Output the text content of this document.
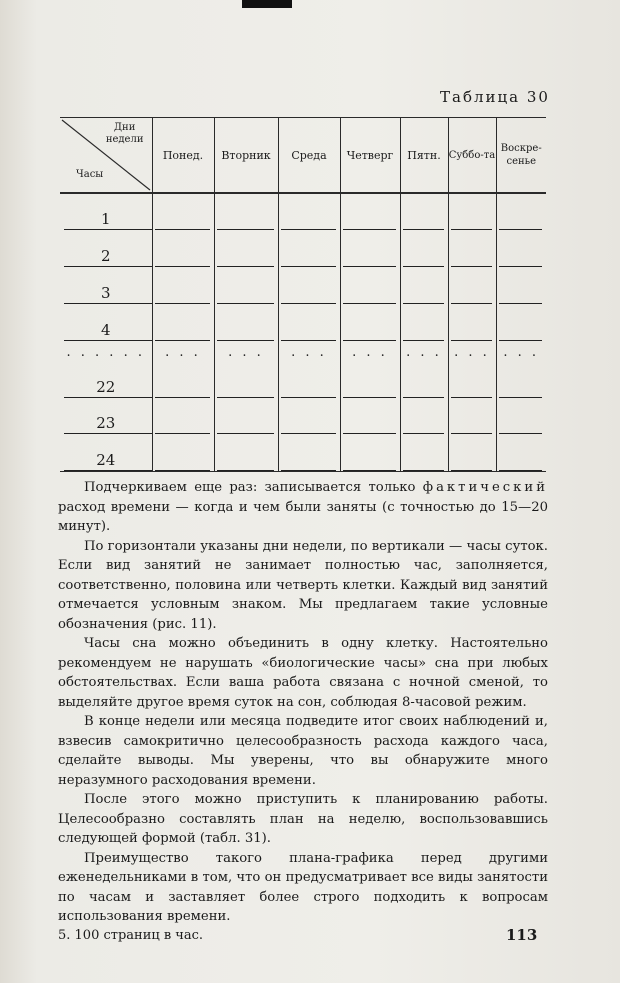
Таблица 30
Дни
недели
Часы	Понед.	Вторник	Среда	Четверг	Пятн.	Суббо-та	Воскре-сенье

1							

2							

3							

4							

. . . . . .	. . .	. . .	. . .	. . .	. . .	. . .	. . .

22							

23							

24							

Подчеркиваем еще раз: записывается только фактический расход времени — когда и чем были заняты (с точностью до 15—20 минут).

По горизонтали указаны дни недели, по вертикали — часы суток. Если вид занятий не занимает полностью час, заполняется, соответственно, половина или четверть клетки. Каждый вид занятий отмечается условным знаком. Мы предлагаем такие условные обозначения (рис. 11).

Часы сна можно объединить в одну клетку. Настоятельно рекомендуем не нарушать «биологические часы» сна при любых обстоятельствах. Если ваша работа связана с ночной сменой, то выделяйте другое время суток на сон, соблюдая 8-часовой режим.

В конце недели или месяца подведите итог своих наблюдений и, взвесив самокритично целесообразность расхода каждого часа, сделайте выводы. Мы уверены, что вы обнаружите много неразумного расходования времени.

После этого можно приступить к планированию работы. Целесообразно составлять план на неделю, воспользовавшись следующей формой (табл. 31).

Преимущество такого плана-графика перед другими еженедельниками в том, что он предусматривает все виды занятости по часам и заставляет более строго подходить к вопросам использования времени.

5. 100 страниц в час.	113
